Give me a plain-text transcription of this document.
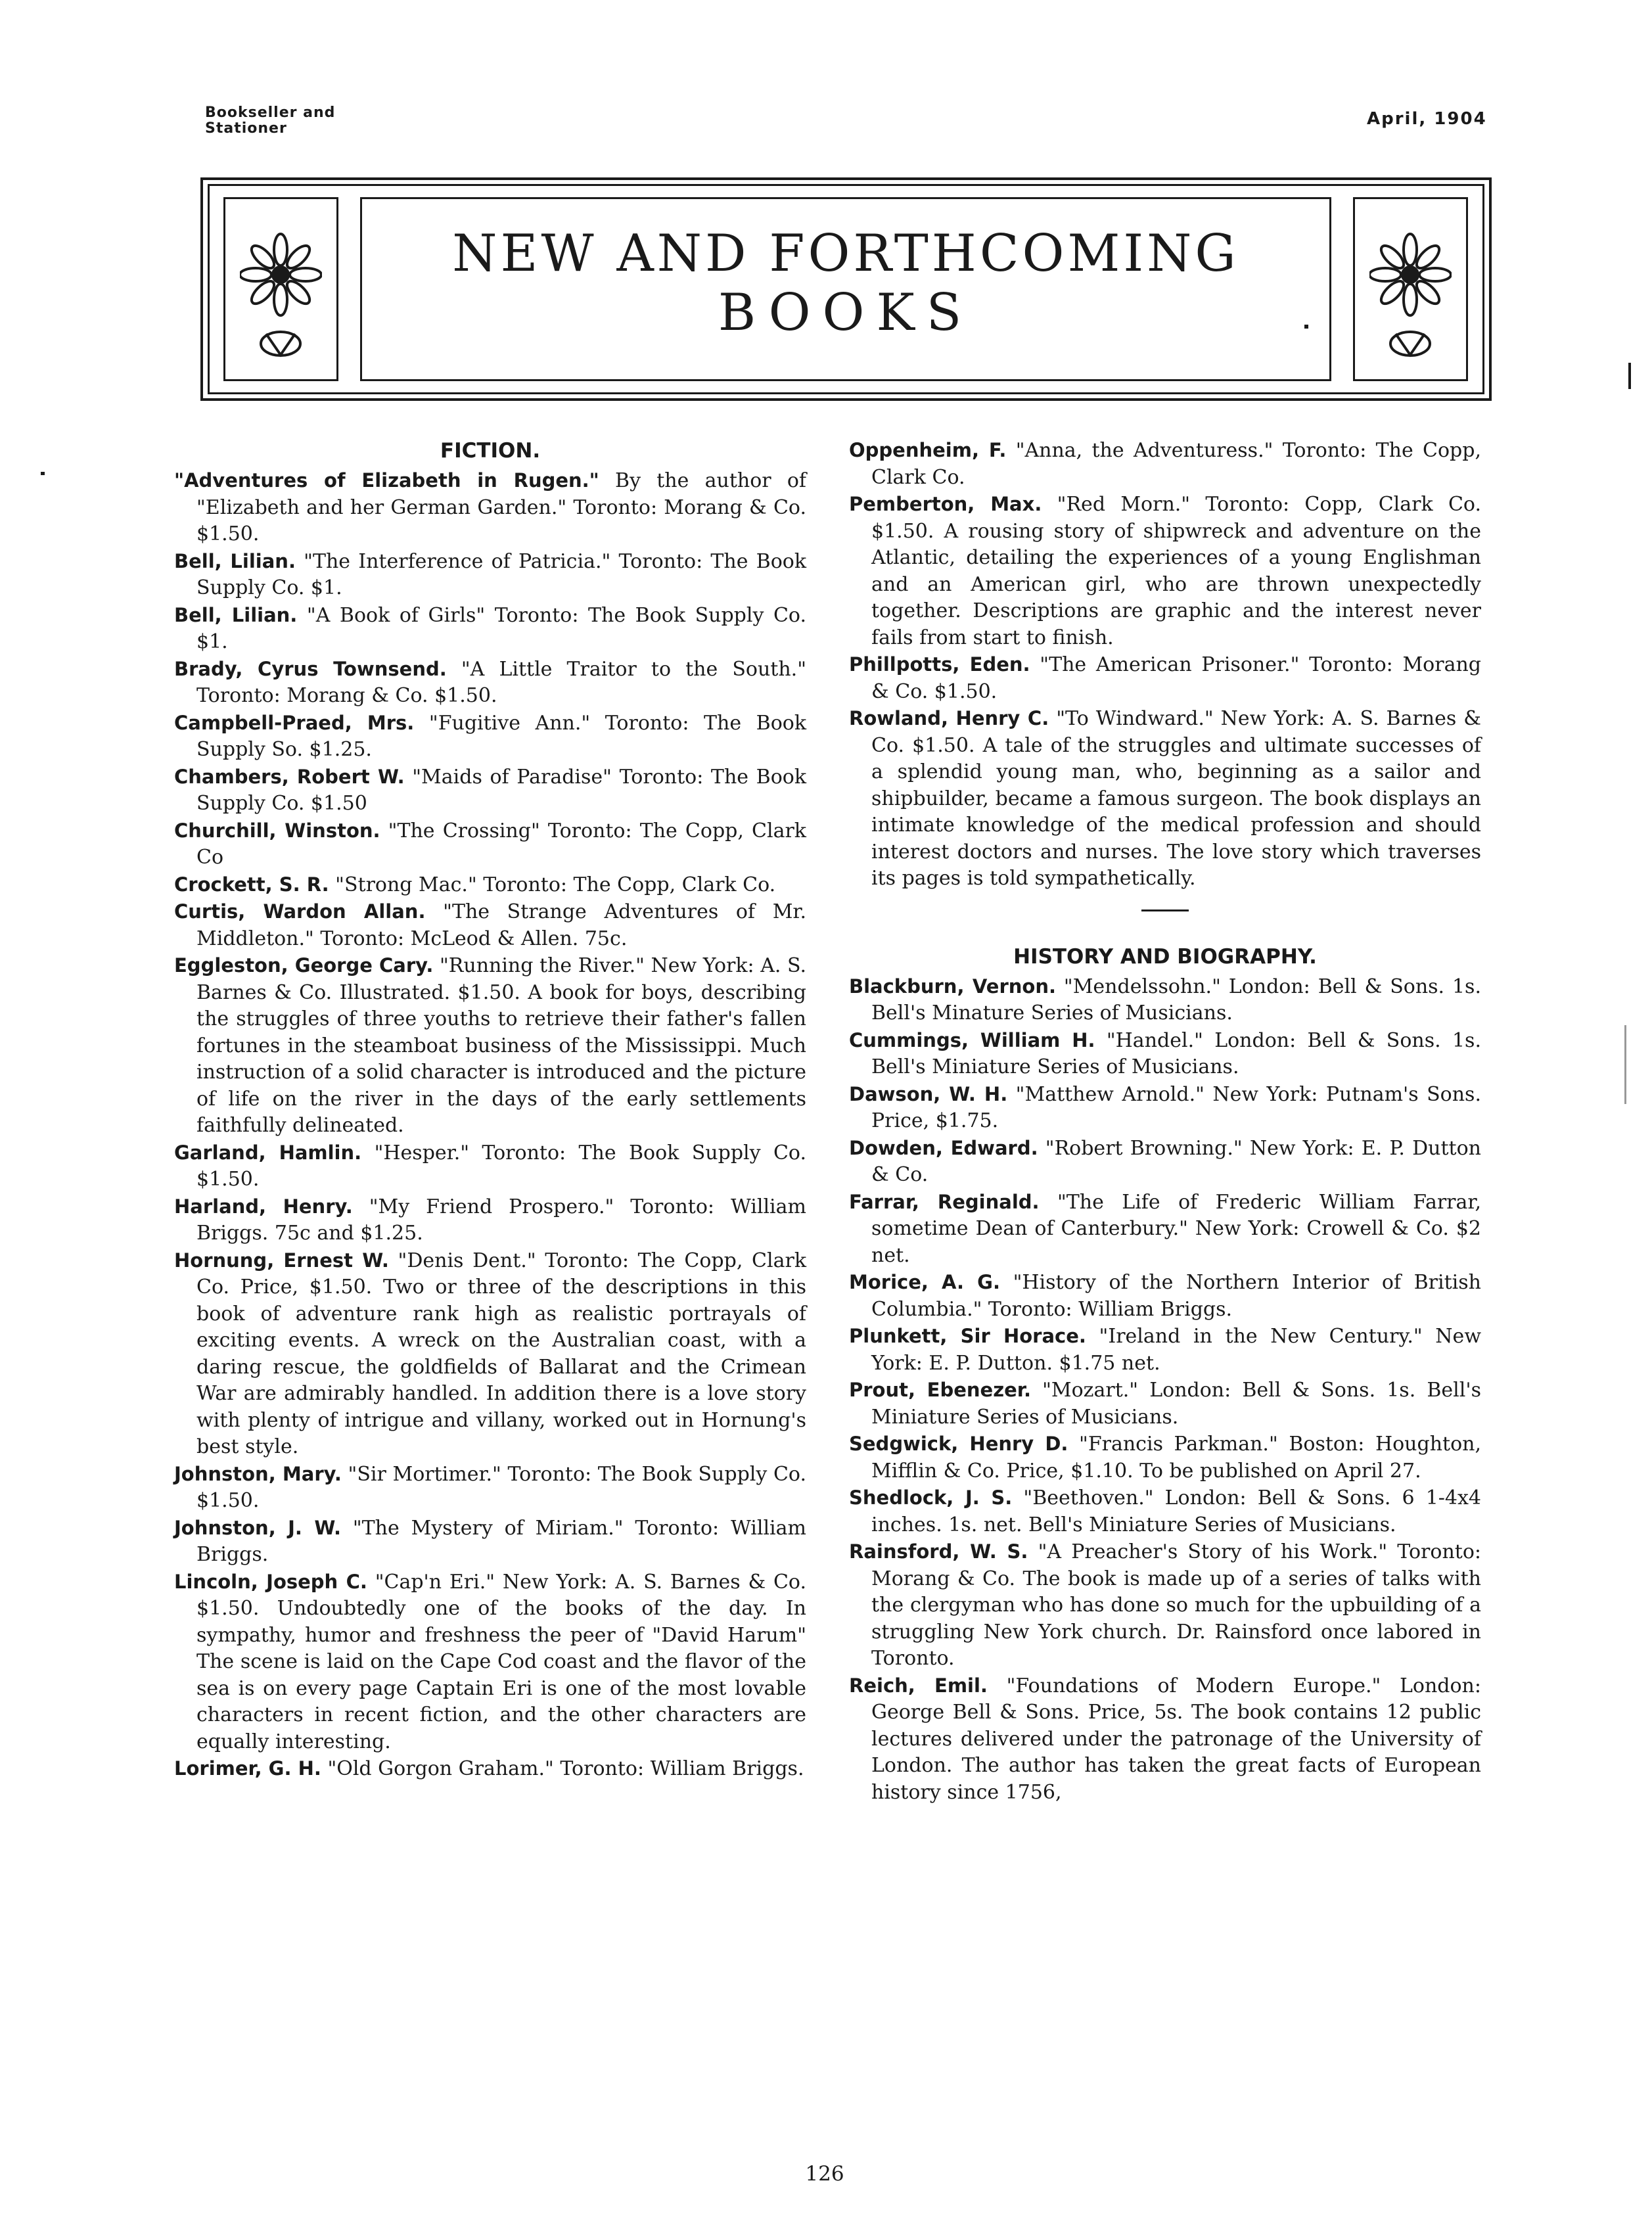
Bookseller and
Stationer	April, 1904
NEW AND FORTHCOMING
BOOKS
FICTION.

"Adventures of Elizabeth in Rugen." By the author of "Elizabeth and her German Garden." Toronto: Morang & Co. $1.50.

Bell, Lilian. "The Interference of Patricia." Toronto: The Book Supply Co. $1.

Bell, Lilian. "A Book of Girls" Toronto: The Book Supply Co. $1.

Brady, Cyrus Townsend. "A Little Traitor to the South." Toronto: Morang & Co. $1.50.

Campbell-Praed, Mrs. "Fugitive Ann." Toronto: The Book Supply So. $1.25.

Chambers, Robert W. "Maids of Paradise" Toronto: The Book Supply Co. $1.50

Churchill, Winston. "The Crossing" Toronto: The Copp, Clark Co

Crockett, S. R. "Strong Mac." Toronto: The Copp, Clark Co.

Curtis, Wardon Allan. "The Strange Adventures of Mr. Middleton." Toronto: McLeod & Allen. 75c.

Eggleston, George Cary. "Running the River." New York: A. S. Barnes & Co. Illustrated. $1.50. A book for boys, describing the struggles of three youths to retrieve their father's fallen fortunes in the steamboat business of the Mississippi. Much instruction of a solid character is introduced and the picture of life on the river in the days of the early settlements faithfully delineated.

Garland, Hamlin. "Hesper." Toronto: The Book Supply Co. $1.50.

Harland, Henry. "My Friend Prospero." Toronto: William Briggs. 75c and $1.25.

Hornung, Ernest W. "Denis Dent." Toronto: The Copp, Clark Co. Price, $1.50. Two or three of the descriptions in this book of adventure rank high as realistic portrayals of exciting events. A wreck on the Australian coast, with a daring rescue, the goldfields of Ballarat and the Crimean War are admirably handled. In addition there is a love story with plenty of intrigue and villany, worked out in Hornung's best style.

Johnston, Mary. "Sir Mortimer." Toronto: The Book Supply Co. $1.50.

Johnston, J. W. "The Mystery of Miriam." Toronto: William Briggs.

Lincoln, Joseph C. "Cap'n Eri." New York: A. S. Barnes & Co. $1.50. Undoubtedly one of the books of the day. In sympathy, humor and freshness the peer of "David Harum" The scene is laid on the Cape Cod coast and the flavor of the sea is on every page Captain Eri is one of the most lovable characters in recent fiction, and the other characters are equally interesting.

Lorimer, G. H. "Old Gorgon Graham." Toronto: William Briggs.

Oppenheim, F. "Anna, the Adventuress." Toronto: The Copp, Clark Co.

Pemberton, Max. "Red Morn." Toronto: Copp, Clark Co. $1.50. A rousing story of shipwreck and adventure on the Atlantic, detailing the experiences of a young Englishman and an American girl, who are thrown unexpectedly together. Descriptions are graphic and the interest never fails from start to finish.

Phillpotts, Eden. "The American Prisoner." Toronto: Morang & Co. $1.50.

Rowland, Henry C. "To Windward." New York: A. S. Barnes & Co. $1.50. A tale of the struggles and ultimate successes of a splendid young man, who, beginning as a sailor and shipbuilder, became a famous surgeon. The book displays an intimate knowledge of the medical profession and should interest doctors and nurses. The love story which traverses its pages is told sympathetically.

HISTORY AND BIOGRAPHY.

Blackburn, Vernon. "Mendelssohn." London: Bell & Sons. 1s. Bell's Minature Series of Musicians.

Cummings, William H. "Handel." London: Bell & Sons. 1s. Bell's Miniature Series of Musicians.

Dawson, W. H. "Matthew Arnold." New York: Putnam's Sons. Price, $1.75.

Dowden, Edward. "Robert Browning." New York: E. P. Dutton & Co.

Farrar, Reginald. "The Life of Frederic William Farrar, sometime Dean of Canterbury." New York: Crowell & Co. $2 net.

Morice, A. G. "History of the Northern Interior of British Columbia." Toronto: William Briggs.

Plunkett, Sir Horace. "Ireland in the New Century." New York: E. P. Dutton. $1.75 net.

Prout, Ebenezer. "Mozart." London: Bell & Sons. 1s. Bell's Miniature Series of Musicians.

Sedgwick, Henry D. "Francis Parkman." Boston: Houghton, Mifflin & Co. Price, $1.10. To be published on April 27.

Shedlock, J. S. "Beethoven." London: Bell & Sons. 6 1-4x4 inches. 1s. net. Bell's Miniature Series of Musicians.

Rainsford, W. S. "A Preacher's Story of his Work." Toronto: Morang & Co. The book is made up of a series of talks with the clergyman who has done so much for the upbuilding of a struggling New York church. Dr. Rainsford once labored in Toronto.

Reich, Emil. "Foundations of Modern Europe." London: George Bell & Sons. Price, 5s. The book contains 12 public lectures delivered under the patronage of the University of London. The author has taken the great facts of European history since 1756,

126
